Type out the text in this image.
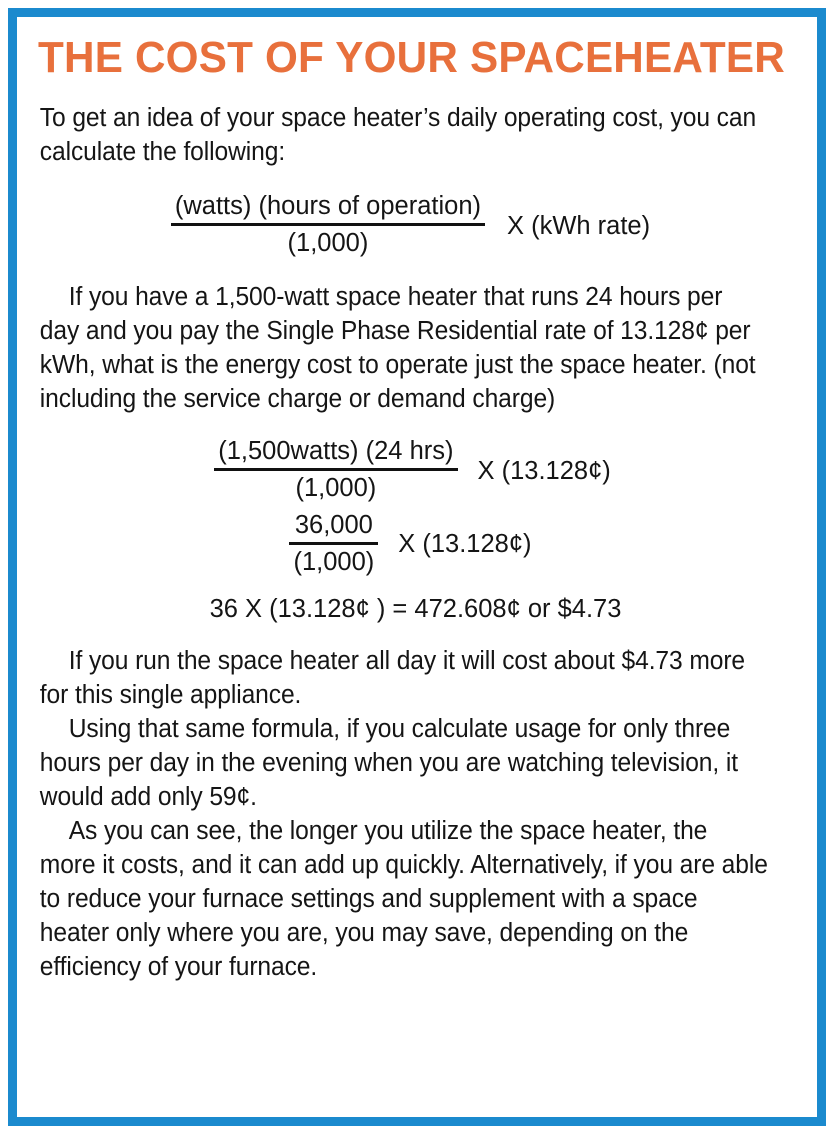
THE COST OF YOUR SPACEHEATER

To get an idea of your space heater’s daily operating cost, you can calculate the following:

$\frac{\text{(watts) (hours of operation)}}{(1,000)}$ X (kWh rate)

If you have a 1,500-watt space heater that runs 24 hours per day and you pay the Single Phase Residential rate of 13.128¢ per kWh, what is the energy cost to operate just the space heater. (not including the service charge or demand charge)

$\frac{\text{(1,500watts) (24 hrs)}}{(1,000)}$ X (13.128¢)
$\frac{36,000}{(1,000)}$ X (13.128¢)
36 X (13.128¢ ) = 472.608¢ or $4.73

If you run the space heater all day it will cost about $4.73 more for this single appliance.

Using that same formula, if you calculate usage for only three hours per day in the evening when you are watching television, it would add only 59¢.

As you can see, the longer you utilize the space heater, the more it costs, and it can add up quickly. Alternatively, if you are able to reduce your furnace settings and supplement with a space heater only where you are, you may save, depending on the efficiency of your furnace.
